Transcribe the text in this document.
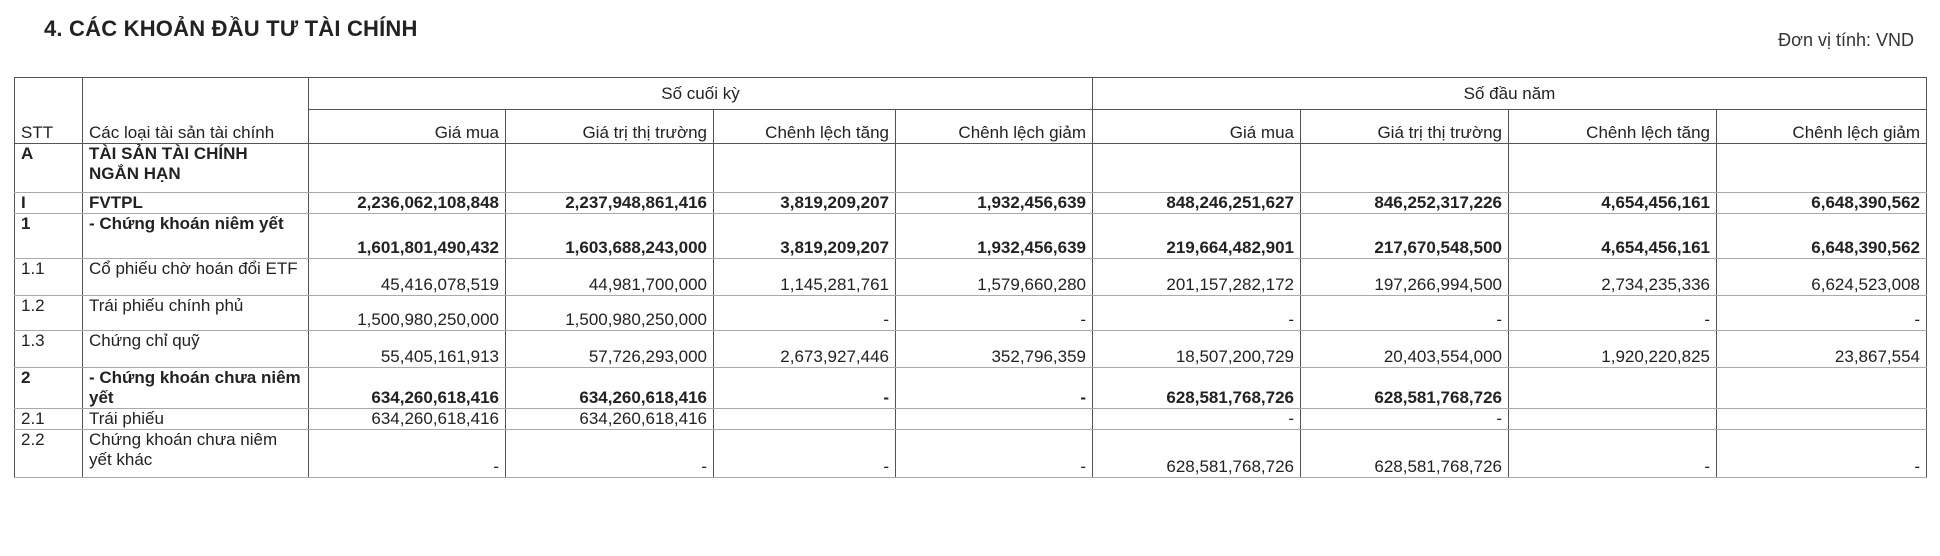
4. CÁC KHOẢN ĐẦU TƯ TÀI CHÍNH	Đơn vị tính: VND
STT	Các loại tài sản tài chính	Số cuối kỳ				Số đầu năm			
		Giá mua	Giá trị thị trường	Chênh lệch tăng	Chênh lệch giảm	Giá mua	Giá trị thị trường	Chênh lệch tăng	Chênh lệch giảm
A	TÀI SẢN TÀI CHÍNH NGẮN HẠN								
I	FVTPL	2,236,062,108,848	2,237,948,861,416	3,819,209,207	1,932,456,639	848,246,251,627	846,252,317,226	4,654,456,161	6,648,390,562
1	- Chứng khoán niêm yết	1,601,801,490,432	1,603,688,243,000	3,819,209,207	1,932,456,639	219,664,482,901	217,670,548,500	4,654,456,161	6,648,390,562
1.1	Cổ phiếu chờ hoán đổi ETF	45,416,078,519	44,981,700,000	1,145,281,761	1,579,660,280	201,157,282,172	197,266,994,500	2,734,235,336	6,624,523,008
1.2	Trái phiếu chính phủ	1,500,980,250,000	1,500,980,250,000	-	-	-	-	-	-
1.3	Chứng chỉ quỹ	55,405,161,913	57,726,293,000	2,673,927,446	352,796,359	18,507,200,729	20,403,554,000	1,920,220,825	23,867,554
2	- Chứng khoán chưa niêm yết	634,260,618,416	634,260,618,416	-	-	628,581,768,726	628,581,768,726		
2.1	Trái phiếu	634,260,618,416	634,260,618,416			-	-		
2.2	Chứng khoán chưa niêm yết khác	-	-	-	-	628,581,768,726	628,581,768,726	-	-
